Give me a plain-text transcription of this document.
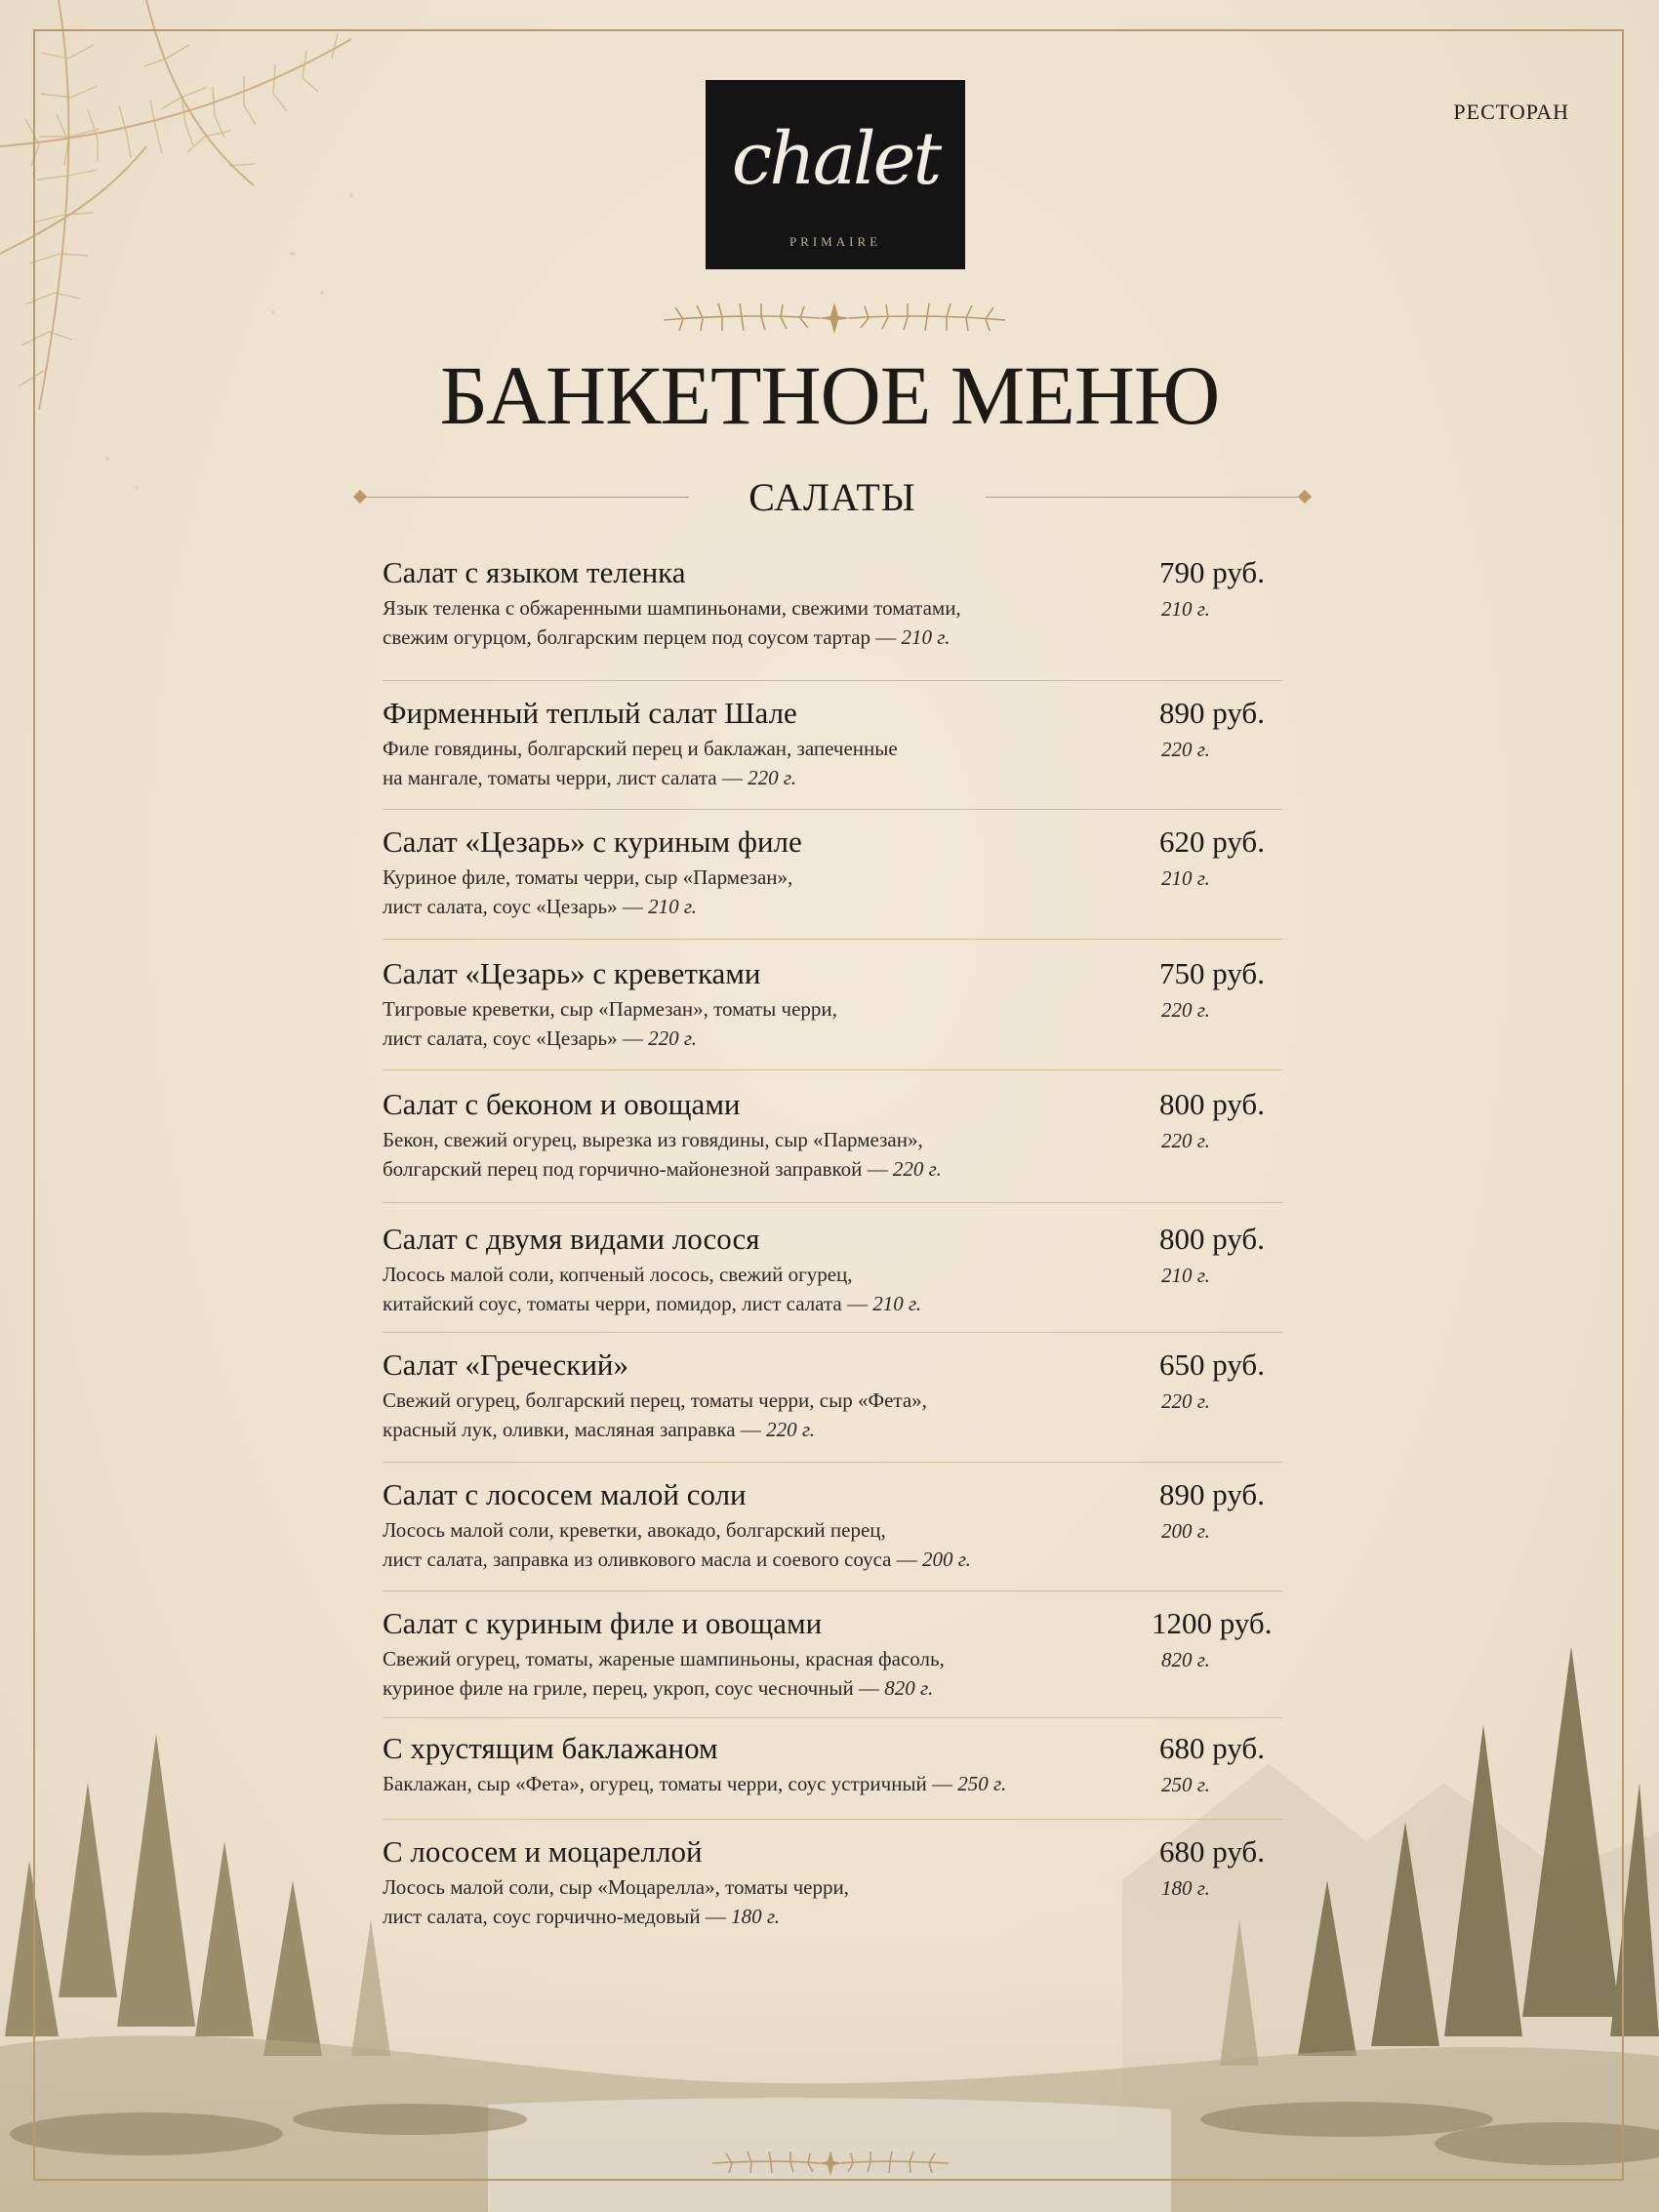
chalet
PRIMAIRE
РЕСТОРАН
БАНКЕТНОЕ МЕНЮ
САЛАТЫ
Салат с языком теленка
Язык теленка с обжаренными шампиньонами, свежими томатами,
свежим огурцом, болгарским перцем под соусом тартар — 210 г.
790 руб.
210 г.
Фирменный теплый салат Шале
Филе говядины, болгарский перец и баклажан, запеченные
на мангале, томаты черри, лист салата — 220 г.
890 руб.
220 г.
Салат «Цезарь» с куриным филе
Куриное филе, томаты черри, сыр «Пармезан»,
лист салата, соус «Цезарь» — 210 г.
620 руб.
210 г.
Салат «Цезарь» с креветками
Тигровые креветки, сыр «Пармезан», томаты черри,
лист салата, соус «Цезарь» — 220 г.
750 руб.
220 г.
Салат с беконом и овощами
Бекон, свежий огурец, вырезка из говядины, сыр «Пармезан»,
болгарский перец под горчично-майонезной заправкой — 220 г.
800 руб.
220 г.
Салат с двумя видами лосося
Лосось малой соли, копченый лосось, свежий огурец,
китайский соус, томаты черри, помидор, лист салата — 210 г.
800 руб.
210 г.
Салат «Греческий»
Свежий огурец, болгарский перец, томаты черри, сыр «Фета»,
красный лук, оливки, масляная заправка — 220 г.
650 руб.
220 г.
Салат с лососем малой соли
Лосось малой соли, креветки, авокадо, болгарский перец,
лист салата, заправка из оливкового масла и соевого соуса — 200 г.
890 руб.
200 г.
Салат с куриным филе и овощами
Свежий огурец, томаты, жареные шампиньоны, красная фасоль,
куриное филе на гриле, перец, укроп, соус чесночный — 820 г.
1200 руб.
820 г.
С хрустящим баклажаном
Баклажан, сыр «Фета», огурец, томаты черри, соус устричный — 250 г.
680 руб.
250 г.
С лососем и моцареллой
Лосось малой соли, сыр «Моцарелла», томаты черри,
лист салата, соус горчично-медовый — 180 г.
680 руб.
180 г.
